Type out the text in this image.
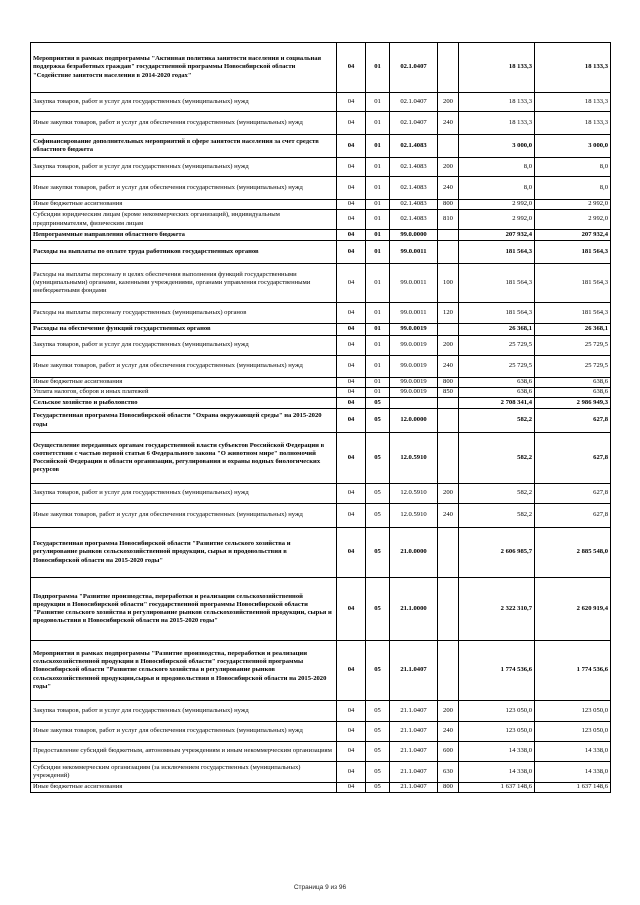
Мероприятия в рамках подпрограммы "Активная политика занятости населения и социальная поддержка безработных граждан" государственной программы Новосибирской области "Содействие занятости населения в 2014-2020 годах"	04	01	02.1.0407		18 133,3	18 133,3
Закупка товаров, работ и услуг для государственных (муниципальных) нужд	04	01	02.1.0407	200	18 133,3	18 133,3
Иные закупки товаров, работ и услуг для обеспечения государственных (муниципальных) нужд	04	01	02.1.0407	240	18 133,3	18 133,3
Софинансирование дополнительных мероприятий в сфере занятости населения за счет средств областного бюджета	04	01	02.1.4083		3 000,0	3 000,0
Закупка товаров, работ и услуг для государственных (муниципальных) нужд	04	01	02.1.4083	200	8,0	8,0
Иные закупки товаров, работ и услуг для обеспечения государственных (муниципальных) нужд	04	01	02.1.4083	240	8,0	8,0
Иные бюджетные ассигнования	04	01	02.1.4083	800	2 992,0	2 992,0
Субсидии юридическим лицам (кроме некоммерческих организаций), индивидуальным предпринимателям, физическим лицам	04	01	02.1.4083	810	2 992,0	2 992,0
Непрограммные направления областного бюджета	04	01	99.0.0000		207 932,4	207 932,4
Расходы на выплаты по оплате труда работников государственных органов	04	01	99.0.0011		181 564,3	181 564,3
Расходы на выплаты персоналу в целях обеспечения выполнения функций государственными (муниципальными) органами, казенными учреждениями, органами управления государственными внебюджетными фондами	04	01	99.0.0011	100	181 564,3	181 564,3
Расходы на выплаты персоналу государственных (муниципальных) органов	04	01	99.0.0011	120	181 564,3	181 564,3
Расходы на обеспечение функций государственных органов	04	01	99.0.0019		26 368,1	26 368,1
Закупка товаров, работ и услуг для государственных (муниципальных) нужд	04	01	99.0.0019	200	25 729,5	25 729,5
Иные закупки товаров, работ и услуг для обеспечения государственных (муниципальных) нужд	04	01	99.0.0019	240	25 729,5	25 729,5
Иные бюджетные ассигнования	04	01	99.0.0019	800	638,6	638,6
Уплата налогов, сборов и иных платежей	04	01	99.0.0019	850	638,6	638,6
Сельское хозяйство и рыболовство	04	05			2 708 341,4	2 986 949,3
Государственная программа Новосибирской области "Охрана окружающей среды" на 2015-2020 годы	04	05	12.0.0000		582,2	627,8
Осуществление переданных органам государственной власти субъектов Российской Федерации в соответствии с частью первой статьи 6 Федерального закона "О животном мире" полномочий Российской Федерации в области организации, регулирования и охраны водных биологических ресурсов	04	05	12.0.5910		582,2	627,8
Закупка товаров, работ и услуг для государственных (муниципальных) нужд	04	05	12.0.5910	200	582,2	627,8
Иные закупки товаров, работ и услуг для обеспечения государственных (муниципальных) нужд	04	05	12.0.5910	240	582,2	627,8
Государственная программа Новосибирской области "Развитие сельского хозяйства и регулирование рынков сельскохозяйственной продукции, сырья и продовольствия в Новосибирской области на 2015-2020 годы"	04	05	21.0.0000		2 606 985,7	2 885 548,0
Подпрограмма "Развитие производства, переработки и реализации сельскохозяйственной продукции в Новосибирской области" государственной программы Новосибирской области "Развитие сельского хозяйства и регулирование рынков сельскохозяйственной продукции, сырья и продовольствия в Новосибирской области на 2015-2020 годы"	04	05	21.1.0000		2 322 310,7	2 620 919,4
Мероприятия в рамках подпрограммы "Развитие производства, переработки и реализации сельскохозяйственной продукции в Новосибирской области" государственной программы Новосибирской области "Развитие сельского хозяйства и регулирование рынков сельскохозяйственной продукции,сырья и продовольствия в Новосибирской области на 2015-2020 годы"	04	05	21.1.0407		1 774 536,6	1 774 536,6
Закупка товаров, работ и услуг для государственных (муниципальных) нужд	04	05	21.1.0407	200	123 050,0	123 050,0
Иные закупки товаров, работ и услуг для обеспечения государственных (муниципальных) нужд	04	05	21.1.0407	240	123 050,0	123 050,0
Предоставление субсидий бюджетным, автономным учреждениям и иным некоммерческим организациям	04	05	21.1.0407	600	14 338,0	14 338,0
Субсидии некоммерческим организациям (за исключением государственных (муниципальных) учреждений)	04	05	21.1.0407	630	14 338,0	14 338,0
Иные бюджетные ассигнования	04	05	21.1.0407	800	1 637 148,6	1 637 148,6
Страница 9 из 96
